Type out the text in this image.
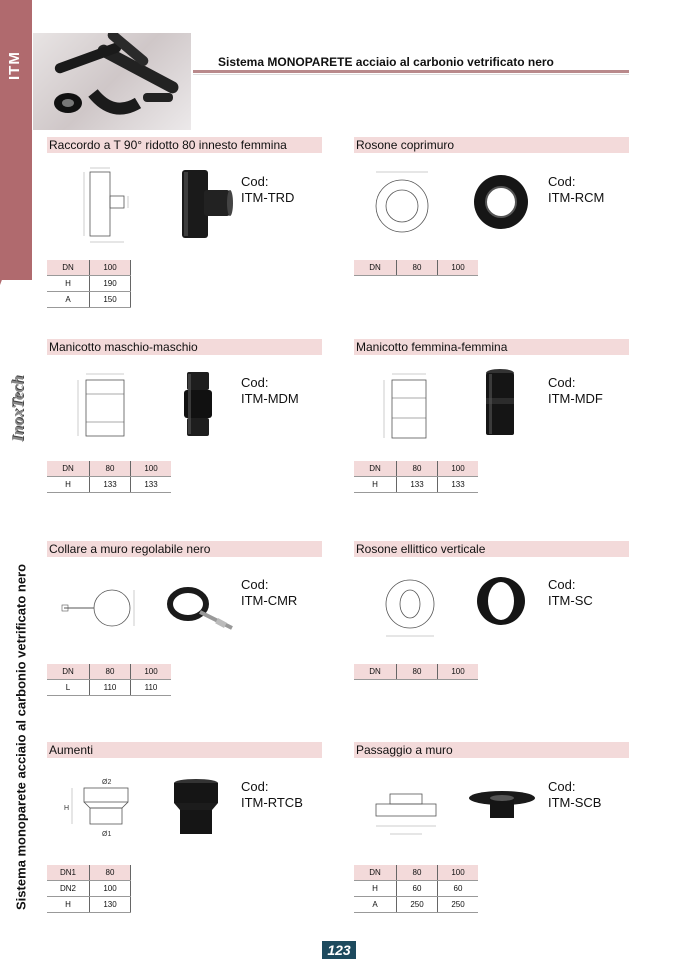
ITM
InoxTech
Sistema monoparete acciaio al carbonio vetrificato nero
Sistema MONOPARETE acciaio al carbonio vetrificato nero
Raccordo a T 90° ridotto 80 innesto femmina
Cod:
ITM-TRD
DN	100
H	190
A	150
Rosone coprimuro
Cod:
ITM-RCM
DN	80	100
Manicotto maschio-maschio
Cod:
ITM-MDM
DN	80	100
H	133	133
Manicotto femmina-femmina
Cod:
ITM-MDF
DN	80	100
H	133	133
Collare a muro regolabile nero
Cod:
ITM-CMR
DN	80	100
L	110	110
Rosone ellittico verticale
Cod:
ITM-SC
DN	80	100
Aumenti
Ø2
H
Ø1
Cod:
ITM-RTCB
DN1	80
DN2	100
H	130
Passaggio a muro
Cod:
ITM-SCB
DN	80	100
H	60	60
A	250	250
123
